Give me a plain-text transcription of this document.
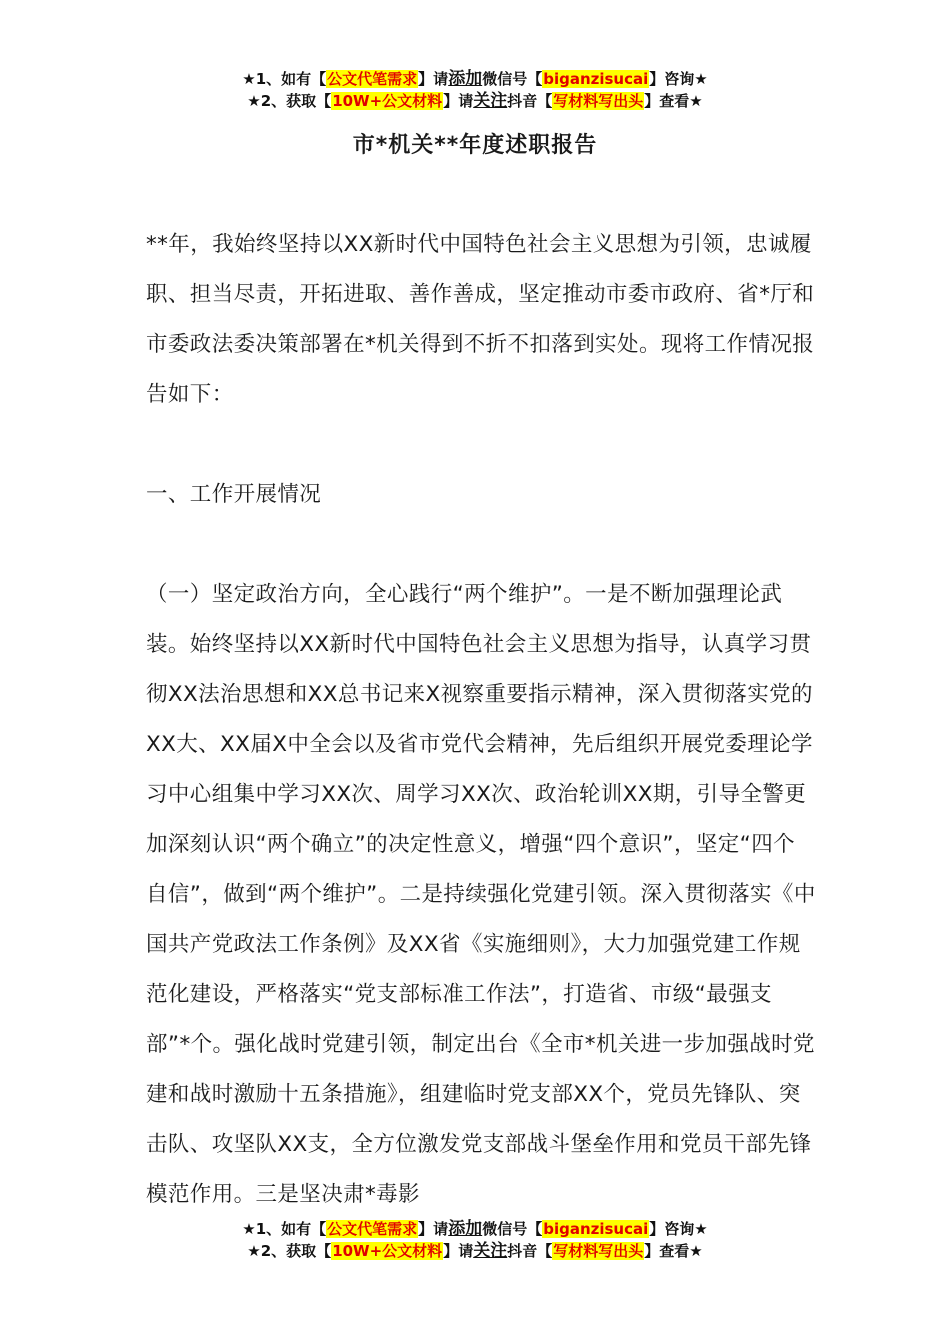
★1、如有【公文代笔需求】请添加微信号【biganzisucai】咨询★
★2、获取【10W+公文材料】请关注抖音【写材料写出头】查看★
市*机关**年度述职报告

**年，我始终坚持以XX新时代中国特色社会主义思想为引领，忠诚履职、担当尽责，开拓进取、善作善成，坚定推动市委市政府、省*厅和市委政法委决策部署在*机关得到不折不扣落到实处。现将工作情况报告如下：

一、工作开展情况

（一）坚定政治方向，全心践行“两个维护”。一是不断加强理论武装。始终坚持以XX新时代中国特色社会主义思想为指导，认真学习贯彻XX法治思想和XX总书记来X视察重要指示精神，深入贯彻落实党的XX大、XX届X中全会以及省市党代会精神，先后组织开展党委理论学习中心组集中学习XX次、周学习XX次、政治轮训XX期，引导全警更加深刻认识“两个确立”的决定性意义，增强“四个意识”，坚定“四个自信”，做到“两个维护”。二是持续强化党建引领。深入贯彻落实《中国共产党政法工作条例》及XX省《实施细则》，大力加强党建工作规范化建设，严格落实“党支部标准工作法”，打造省、市级“最强支部”*个。强化战时党建引领，制定出台《全市*机关进一步加强战时党建和战时激励十五条措施》，组建临时党支部XX个，党员先锋队、突击队、攻坚队XX支，全方位激发党支部战斗堡垒作用和党员干部先锋模范作用。三是坚决肃*毒影

★1、如有【公文代笔需求】请添加微信号【biganzisucai】咨询★
★2、获取【10W+公文材料】请关注抖音【写材料写出头】查看★
